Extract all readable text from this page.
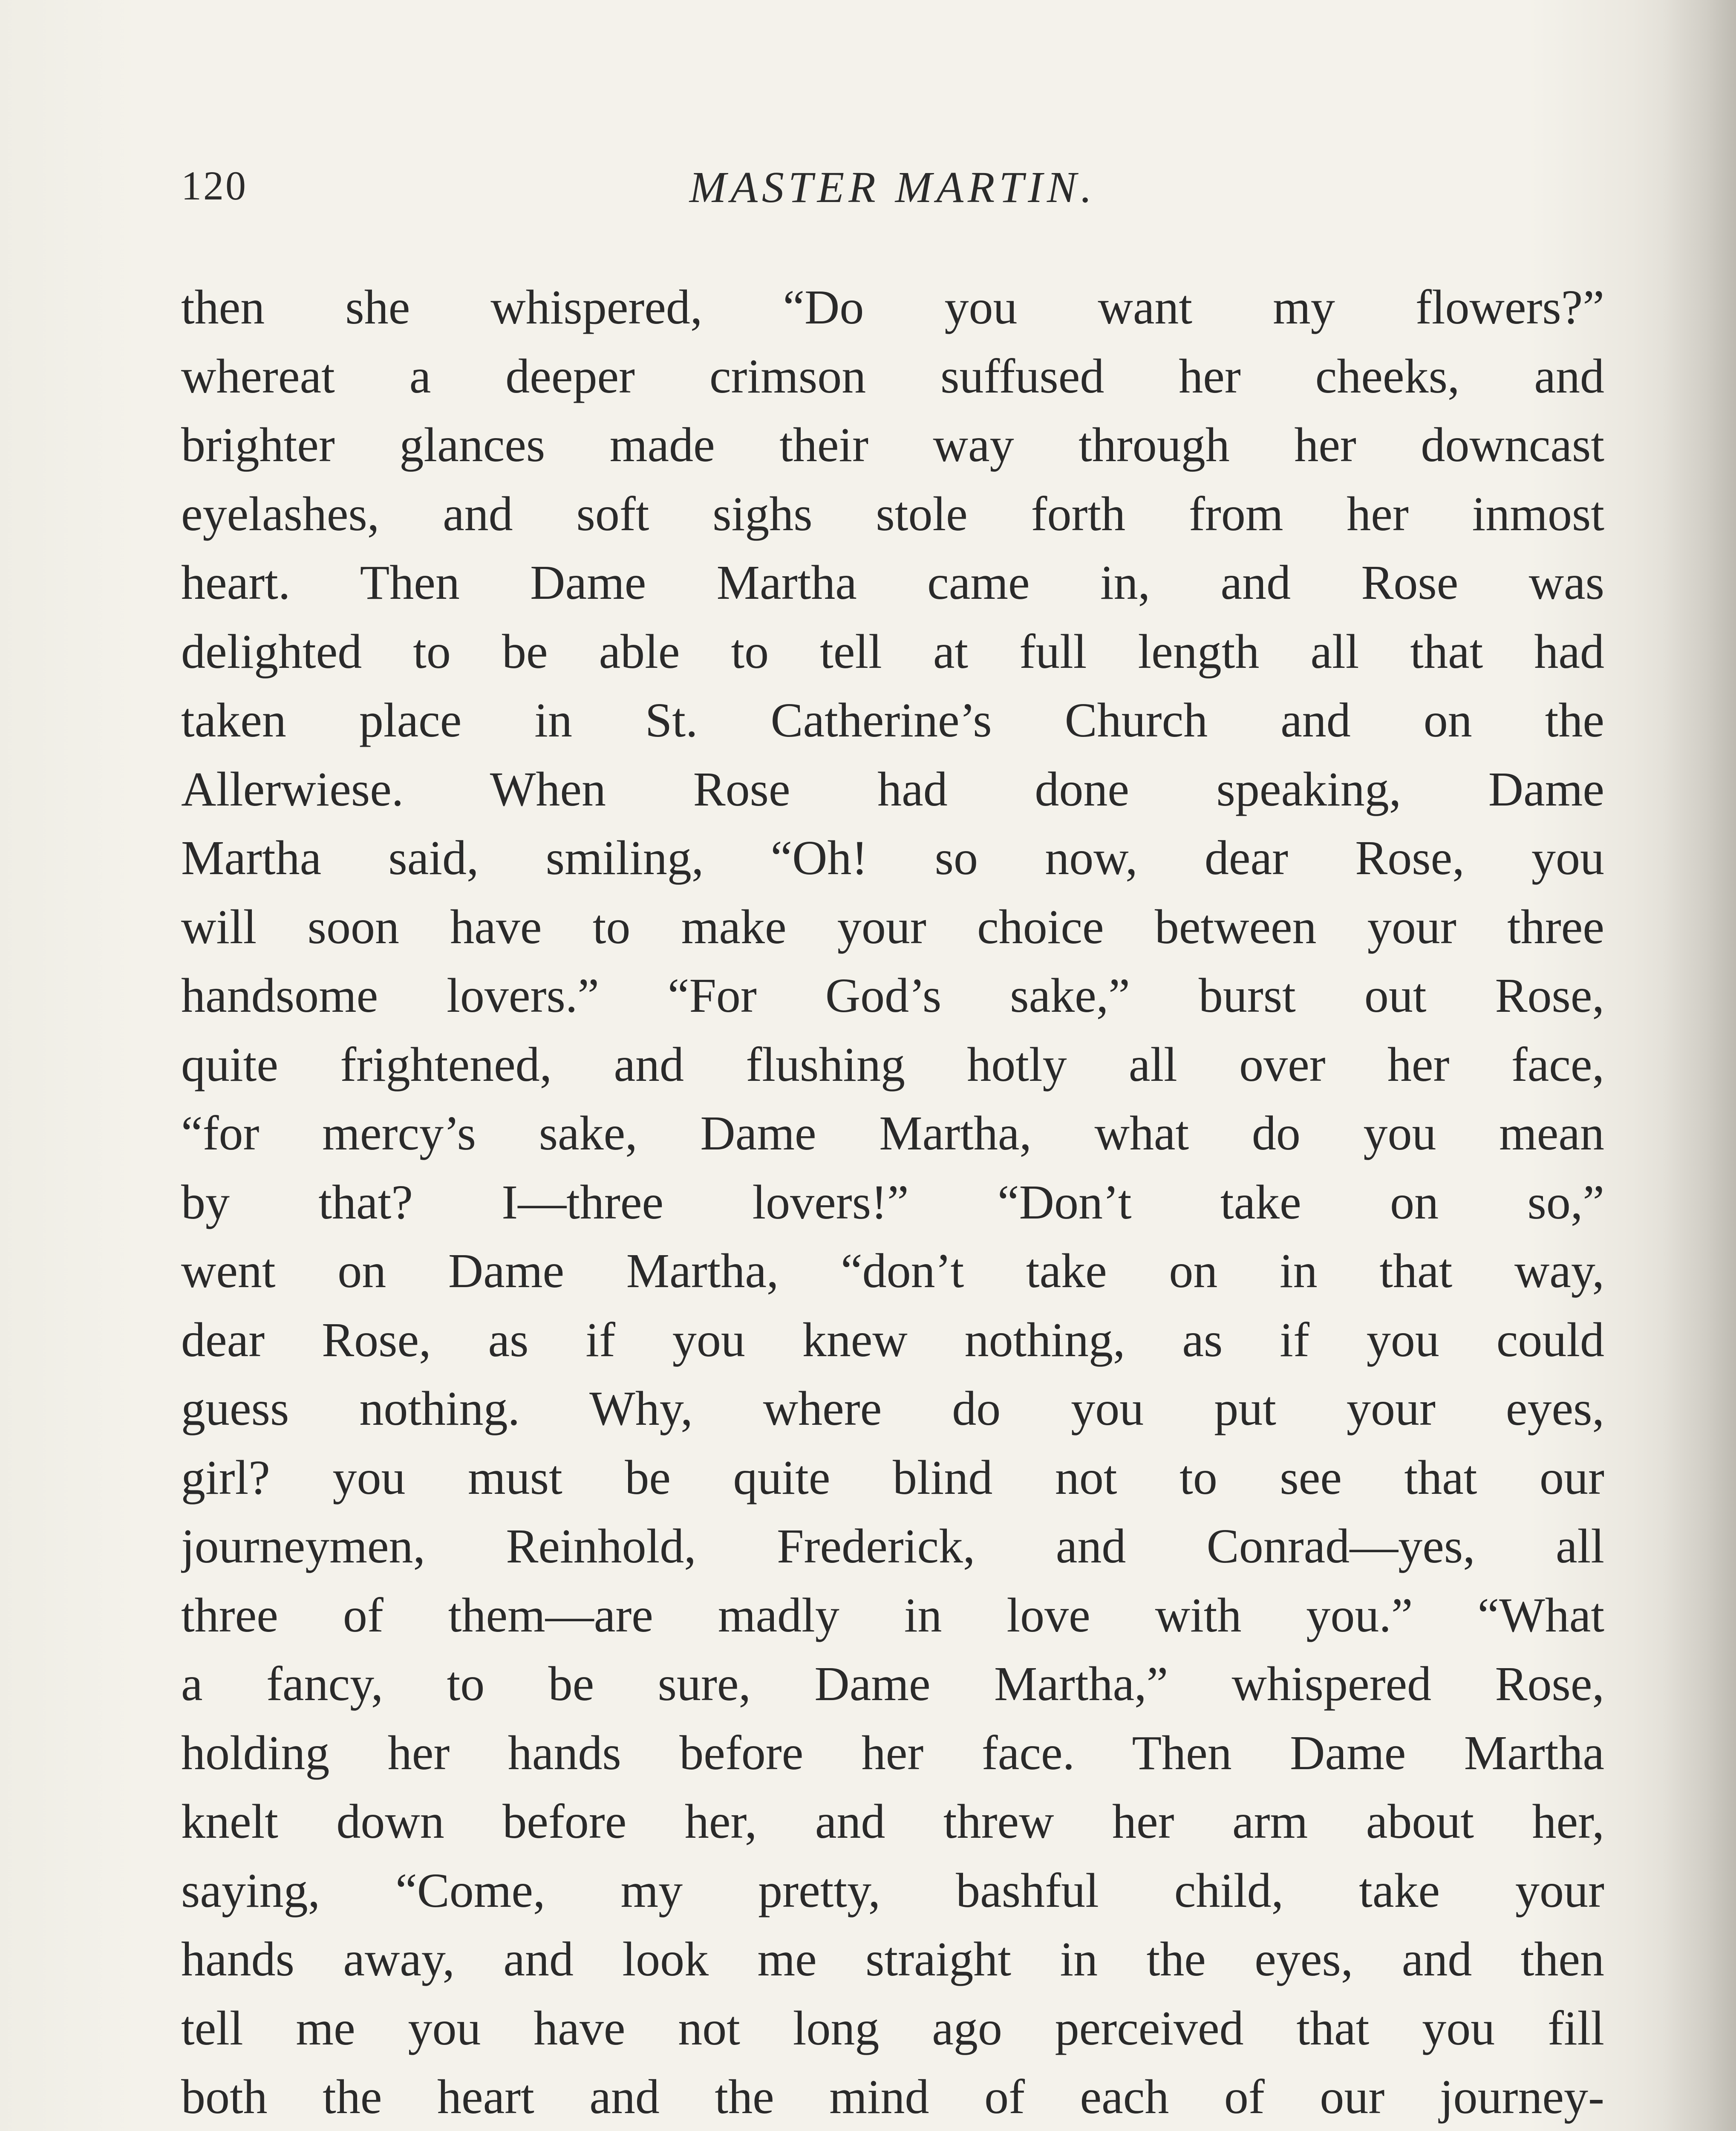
120	MASTER MARTIN.
then she whispered, “Do you want my flowers?”
whereat a deeper crimson suffused her cheeks, and
brighter glances made their way through her downcast
eyelashes, and soft sighs stole forth from her inmost
heart. Then Dame Martha came in, and Rose was
delighted to be able to tell at full length all that had
taken place in St. Catherine’s Church and on the
Allerwiese. When Rose had done speaking, Dame
Martha said, smiling, “Oh! so now, dear Rose, you
will soon have to make your choice between your three
handsome lovers.” “For God’s sake,” burst out Rose,
quite frightened, and flushing hotly all over her face,
“for mercy’s sake, Dame Martha, what do you mean
by that? I—three lovers!” “Don’t take on so,”
went on Dame Martha, “don’t take on in that way,
dear Rose, as if you knew nothing, as if you could
guess nothing. Why, where do you put your eyes,
girl? you must be quite blind not to see that our
journeymen, Reinhold, Frederick, and Conrad—yes, all
three of them—are madly in love with you.” “What
a fancy, to be sure, Dame Martha,” whispered Rose,
holding her hands before her face. Then Dame Martha
knelt down before her, and threw her arm about her,
saying, “Come, my pretty, bashful child, take your
hands away, and look me straight in the eyes, and then
tell me you have not long ago perceived that you fill
both the heart and the mind of each of our journey-
